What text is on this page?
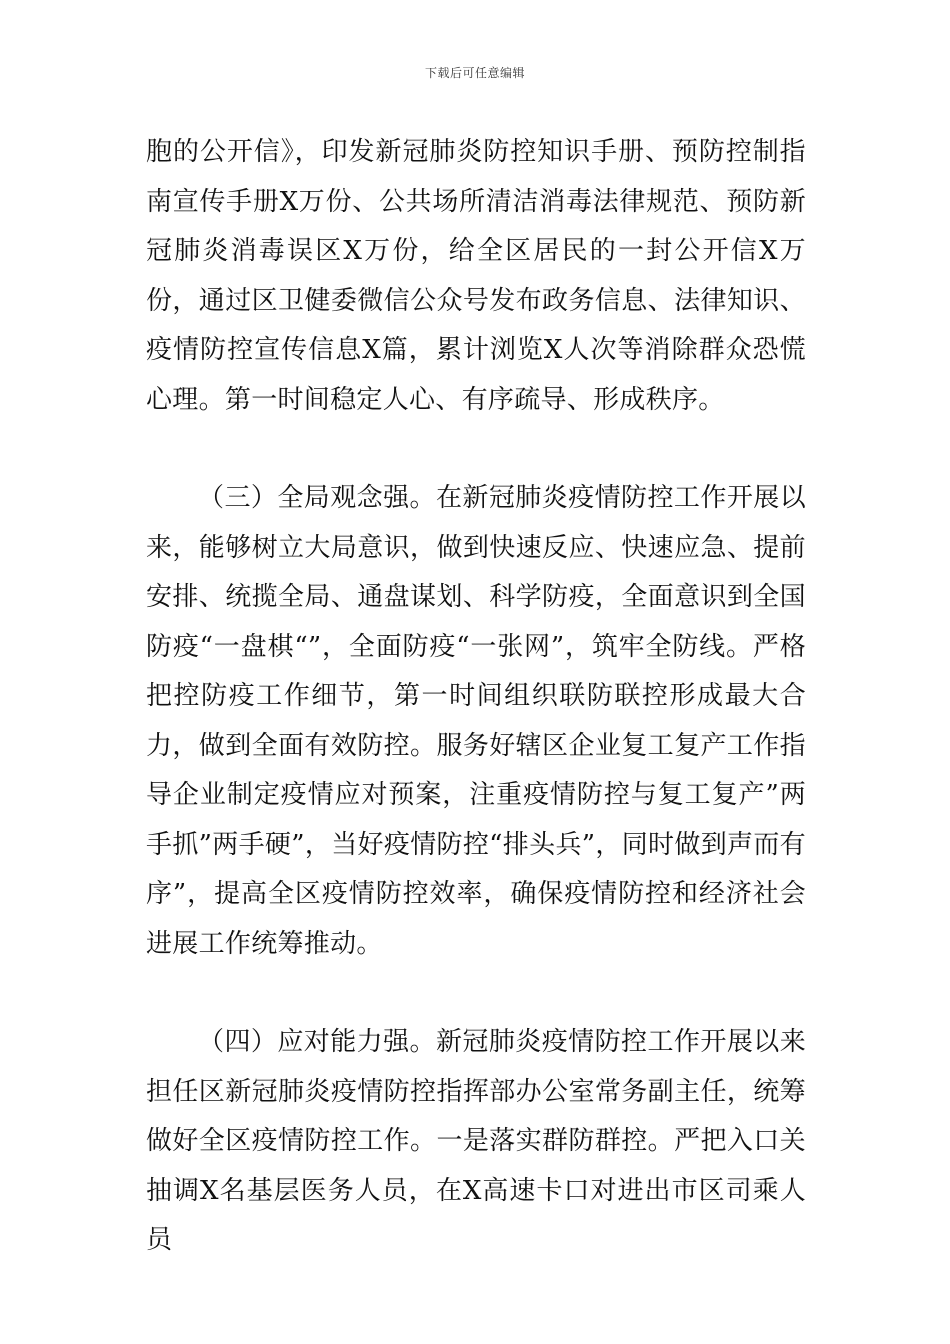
下载后可任意编辑

胞的公开信》，印发新冠肺炎防控知识手册、预防控制指南宣传手册X万份、公共场所清洁消毒法律规范、预防新冠肺炎消毒误区X万份，给全区居民的一封公开信X万份，通过区卫健委微信公众号发布政务信息、法律知识、疫情防控宣传信息X篇，累计浏览X人次等消除群众恐慌心理。第一时间稳定人心、有序疏导、形成秩序。

（三）全局观念强。在新冠肺炎疫情防控工作开展以来，能够树立大局意识，做到快速反应、快速应急、提前安排、统揽全局、通盘谋划、科学防疫，全面意识到全国防疫“一盘棋“”，全面防疫“一张网”，筑牢全防线。严格把控防疫工作细节，第一时间组织联防联控形成最大合力，做到全面有效防控。服务好辖区企业复工复产工作指导企业制定疫情应对预案，注重疫情防控与复工复产”两手抓”两手硬”，当好疫情防控“排头兵”，同时做到声而有序”，提高全区疫情防控效率，确保疫情防控和经济社会进展工作统筹推动。

（四）应对能力强。新冠肺炎疫情防控工作开展以来担任区新冠肺炎疫情防控指挥部办公室常务副主任，统筹做好全区疫情防控工作。一是落实群防群控。严把入口关抽调X名基层医务人员，在X高速卡口对进出市区司乘人员
